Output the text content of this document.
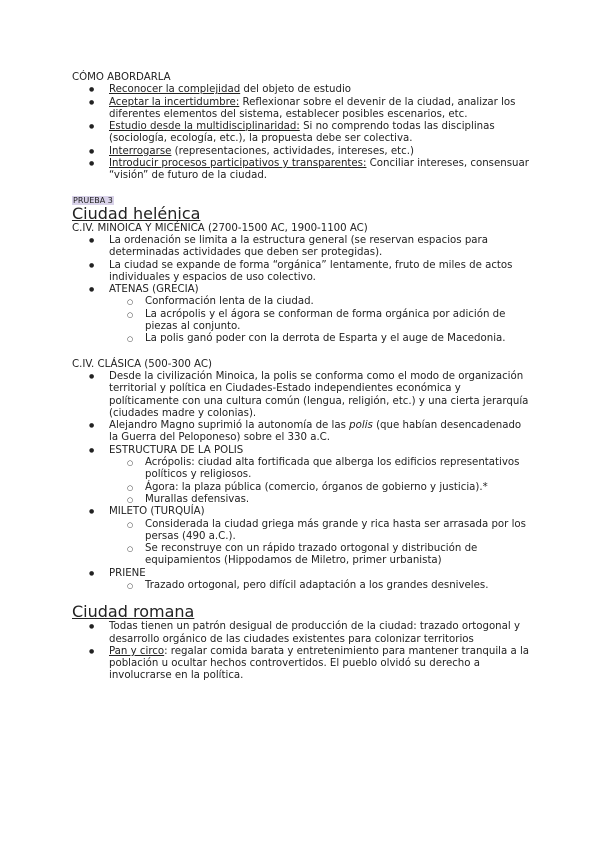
CÓMO ABORDARLA
● Reconocer la complejidad del objeto de estudio
● Aceptar la incertidumbre: Reflexionar sobre el devenir de la ciudad, analizar los diferentes elementos del sistema, establecer posibles escenarios, etc.
● Estudio desde la multidisciplinaridad: Si no comprendo todas las disciplinas (sociología, ecología, etc.), la propuesta debe ser colectiva.
● Interrogarse (representaciones, actividades, intereses, etc.)
● Introducir procesos participativos y transparentes: Conciliar intereses, consensuar “visión” de futuro de la ciudad.
PRUEBA 3
Ciudad helénica
C.IV. MINOICA Y MICÉNICA (2700-1500 AC, 1900-1100 AC)
● La ordenación se limita a la estructura general (se reservan espacios para determinadas actividades que deben ser protegidas).
● La ciudad se expande de forma “orgánica” lentamente, fruto de miles de actos individuales y espacios de uso colectivo.
● ATENAS (GRECIA)
○ Conformación lenta de la ciudad.
○ La acrópolis y el ágora se conforman de forma orgánica por adición de piezas al conjunto.
○ La polis ganó poder con la derrota de Esparta y el auge de Macedonia.
C.IV. CLÁSICA (500-300 AC)
● Desde la civilización Minoica, la polis se conforma como el modo de organización territorial y política en Ciudades-Estado independientes económica y políticamente con una cultura común (lengua, religión, etc.) y una cierta jerarquía (ciudades madre y colonias).
● Alejandro Magno suprimió la autonomía de las polis (que habían desencadenado la Guerra del Peloponeso) sobre el 330 a.C.
● ESTRUCTURA DE LA POLIS
○ Acrópolis: ciudad alta fortificada que alberga los edificios representativos políticos y religiosos.
○ Ágora: la plaza pública (comercio, órganos de gobierno y justicia).*
○ Murallas defensivas.
● MILETO (TURQUÍA)
○ Considerada la ciudad griega más grande y rica hasta ser arrasada por los persas (490 a.C.).
○ Se reconstruye con un rápido trazado ortogonal y distribución de equipamientos (Hippodamos de Miletro, primer urbanista)
● PRIENE
○ Trazado ortogonal, pero difícil adaptación a los grandes desniveles.
Ciudad romana
● Todas tienen un patrón desigual de producción de la ciudad: trazado ortogonal y desarrollo orgánico de las ciudades existentes para colonizar territorios
● Pan y circo: regalar comida barata y entretenimiento para mantener tranquila a la población u ocultar hechos controvertidos. El pueblo olvidó su derecho a involucrarse en la política.
